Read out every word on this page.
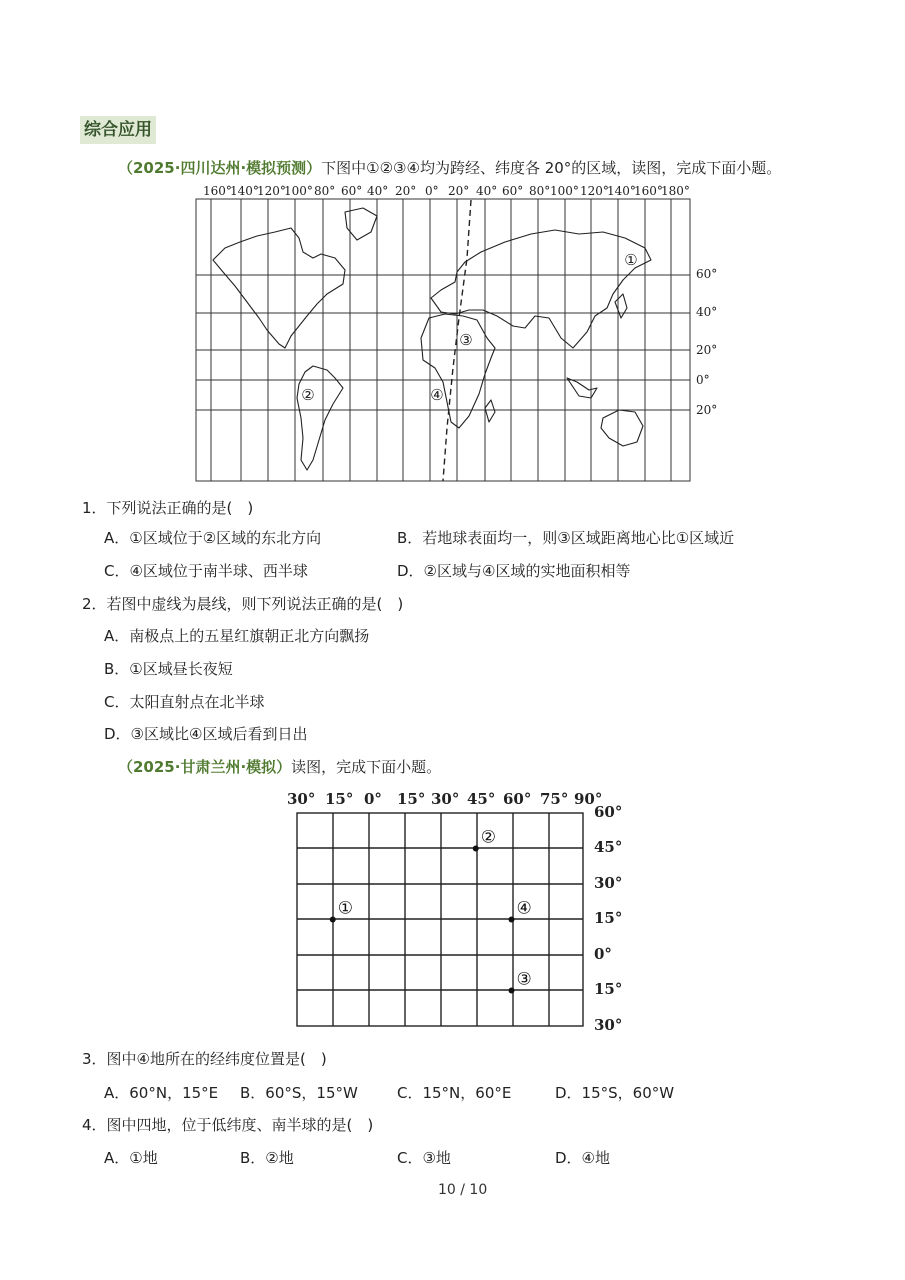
综合应用
（2025·四川达州·模拟预测）下图中①②③④均为跨经、纬度各 20°的区域，读图，完成下面小题。
160°
140°
120°
100° 80° 60° 40° 20° 0° 20° 40° 60° 80° 100° 120°
140°
160°
180°
①
②
③
④
60°
40°
20°
0°
20°
1．下列说法正确的是(　)
A．①区域位于②区域的东北方向	B．若地球表面均一，则③区域距离地心比①区域近
C．④区域位于南半球、西半球	D．②区域与④区域的实地面积相等
2．若图中虚线为晨线，则下列说法正确的是(　)
A．南极点上的五星红旗朝正北方向飘扬
B．①区域昼长夜短
C．太阳直射点在北半球
D．③区域比④区域后看到日出
（2025·甘肃兰州·模拟）读图，完成下面小题。
30° 15° 0° 15° 30° 45° 60° 75° 90°
①
②
③
④
60°
45°
30°
15°
0°
15°
30°
3．图中④地所在的经纬度位置是(　)
A．60°N，15°E B．60°S，15°W	C．15°N，60°E	D．15°S，60°W
4．图中四地，位于低纬度、南半球的是(　)
A．①地	B．②地	C．③地	D．④地
10 / 10
